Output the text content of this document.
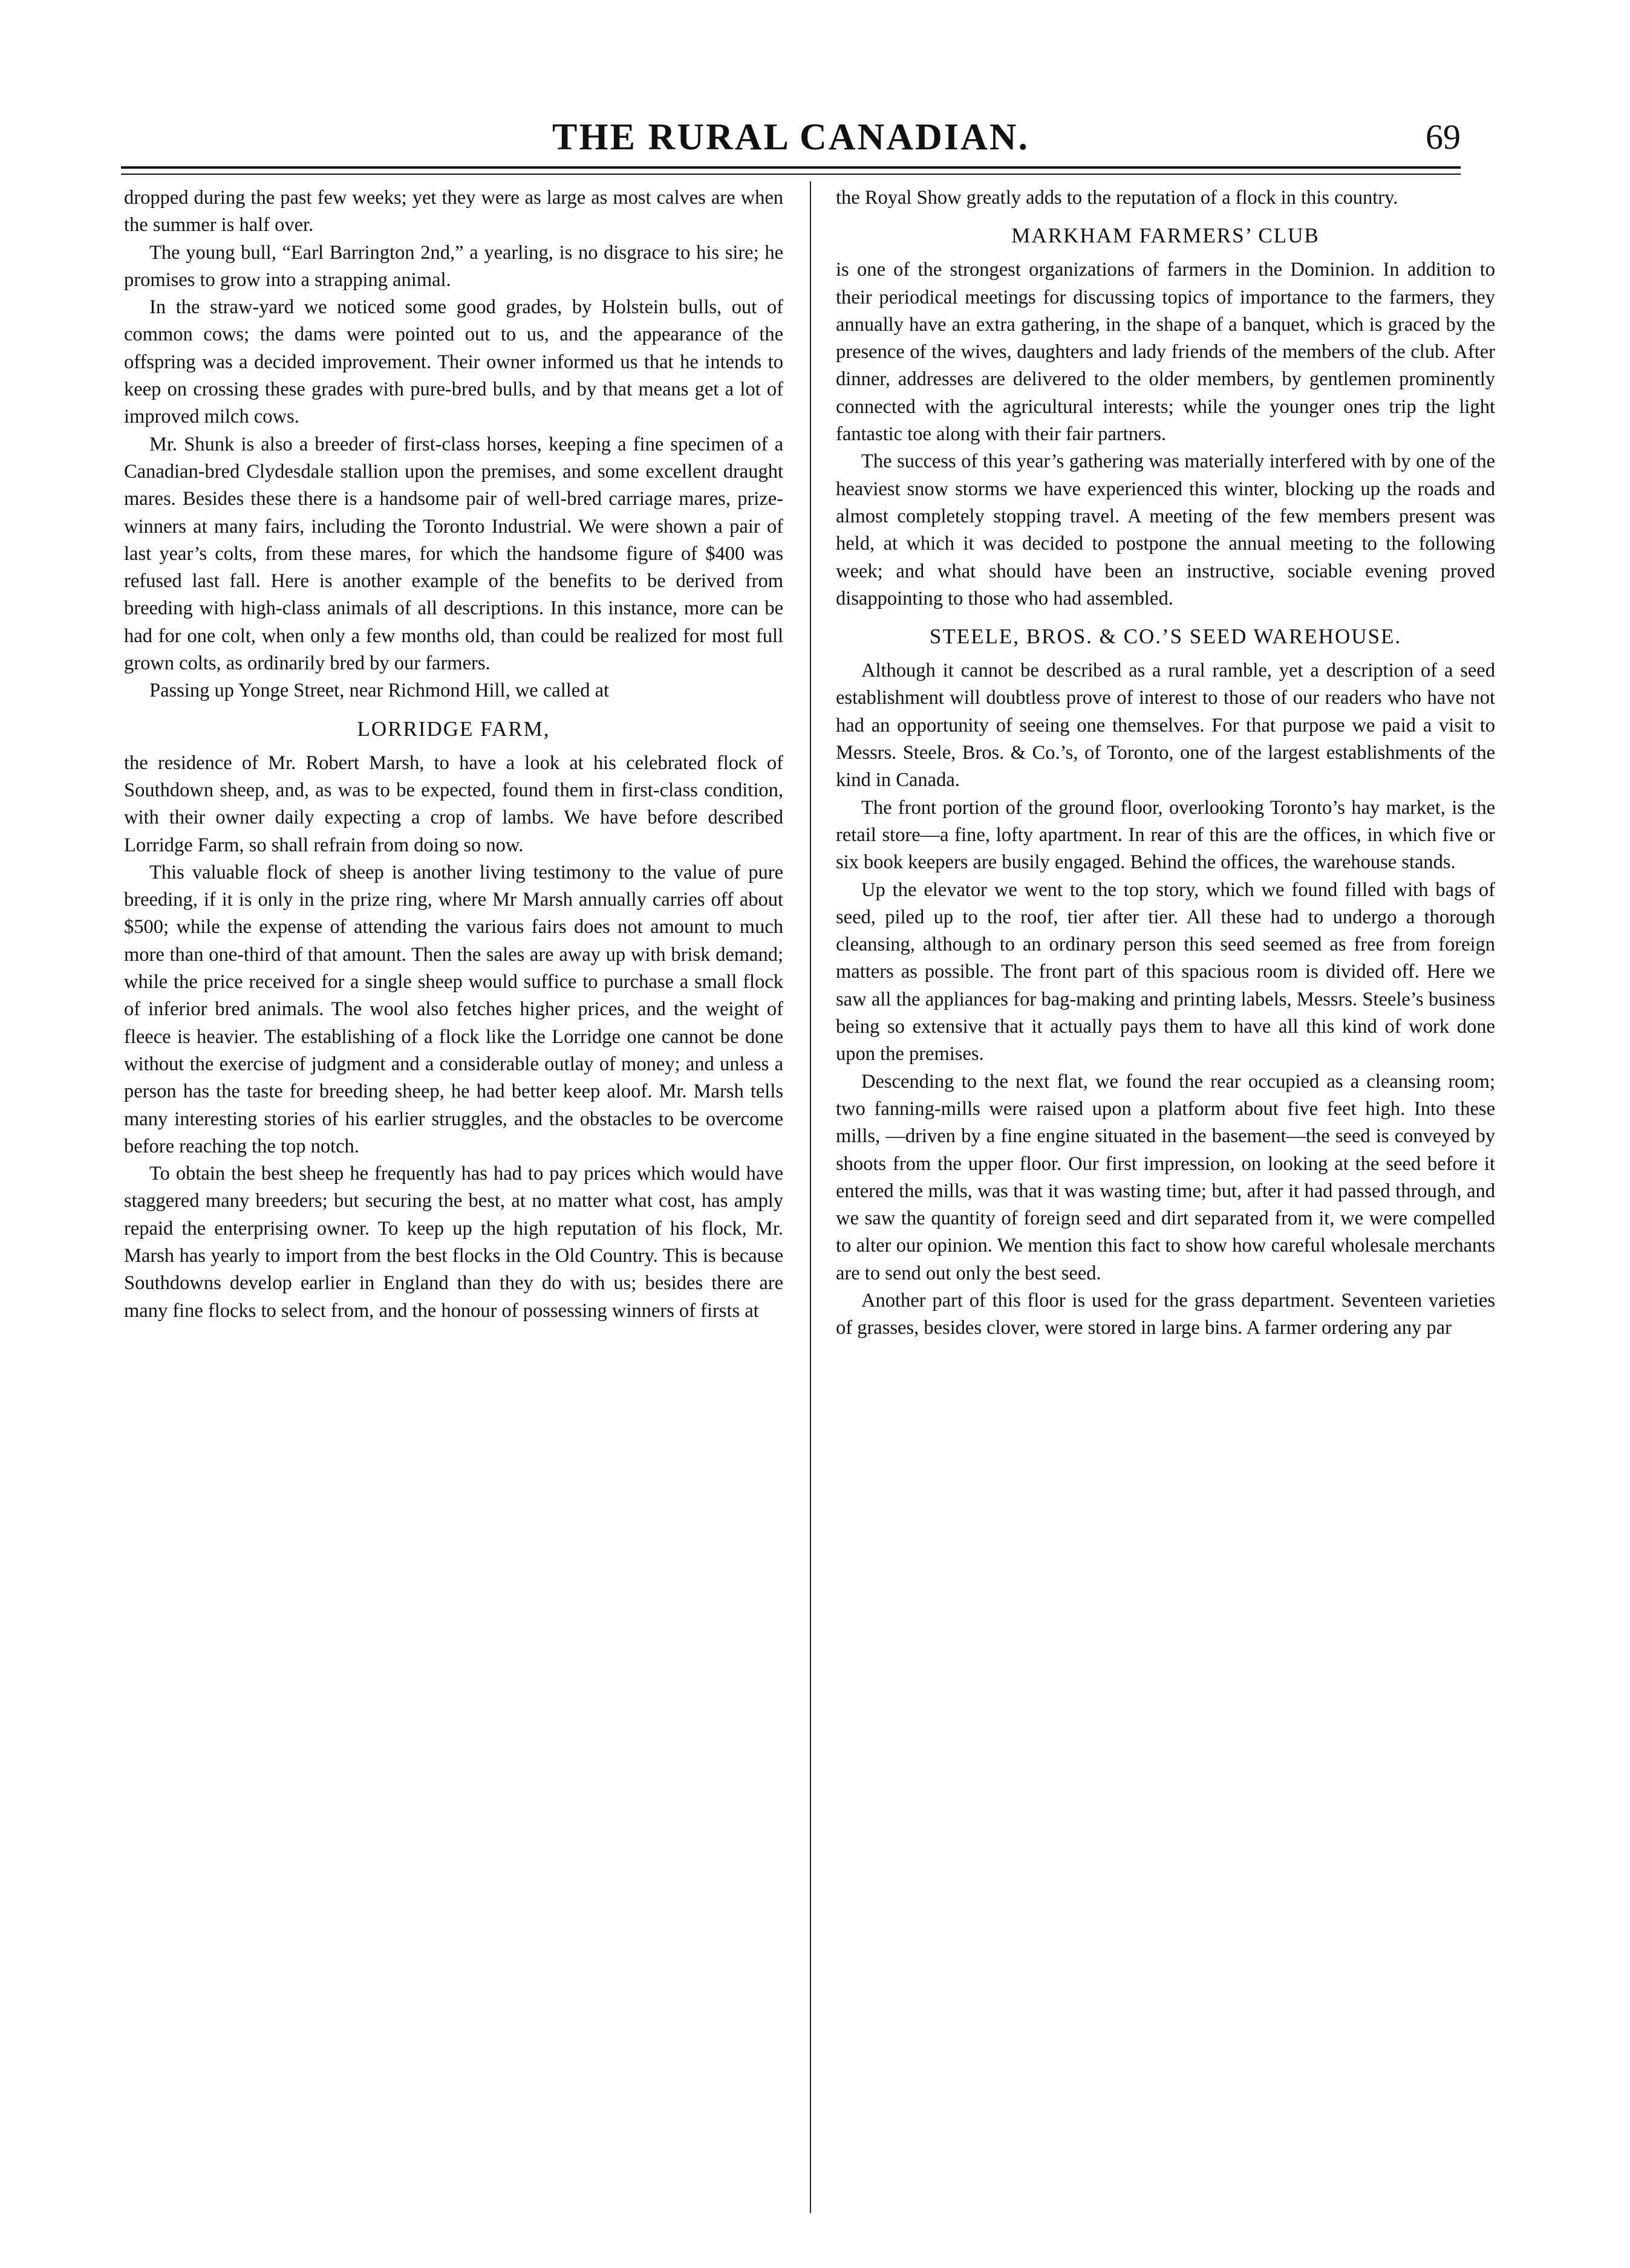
THE RURAL CANADIAN.	69

dropped during the past few weeks; yet they were as large as most calves are when the summer is half over.

The young bull, “Earl Barrington 2nd,” a yearling, is no disgrace to his sire; he promises to grow into a strapping animal.

In the straw-yard we noticed some good grades, by Holstein bulls, out of common cows; the dams were pointed out to us, and the appearance of the offspring was a decided improvement. Their owner informed us that he intends to keep on crossing these grades with pure-bred bulls, and by that means get a lot of improved milch cows.

Mr. Shunk is also a breeder of first-class horses, keeping a fine specimen of a Canadian-bred Clydesdale stallion upon the premises, and some excellent draught mares. Besides these there is a handsome pair of well-bred carriage mares, prize-winners at many fairs, including the Toronto Industrial. We were shown a pair of last year’s colts, from these mares, for which the handsome figure of $400 was refused last fall. Here is another example of the benefits to be derived from breeding with high-class animals of all descriptions. In this instance, more can be had for one colt, when only a few months old, than could be realized for most full grown colts, as ordinarily bred by our farmers.

Passing up Yonge Street, near Richmond Hill, we called at

LORRIDGE FARM,

the residence of Mr. Robert Marsh, to have a look at his celebrated flock of Southdown sheep, and, as was to be expected, found them in first-class condition, with their owner daily expecting a crop of lambs. We have before described Lorridge Farm, so shall refrain from doing so now.

This valuable flock of sheep is another living testimony to the value of pure breeding, if it is only in the prize ring, where Mr Marsh annually carries off about $500; while the expense of attending the various fairs does not amount to much more than one-third of that amount. Then the sales are away up with brisk demand; while the price received for a single sheep would suffice to purchase a small flock of inferior bred animals. The wool also fetches higher prices, and the weight of fleece is heavier. The establishing of a flock like the Lorridge one cannot be done without the exercise of judgment and a considerable outlay of money; and unless a person has the taste for breeding sheep, he had better keep aloof. Mr. Marsh tells many interesting stories of his earlier struggles, and the obstacles to be overcome before reaching the top notch.

To obtain the best sheep he frequently has had to pay prices which would have staggered many breeders; but securing the best, at no matter what cost, has amply repaid the enterprising owner. To keep up the high reputation of his flock, Mr. Marsh has yearly to import from the best flocks in the Old Country. This is because Southdowns develop earlier in England than they do with us; besides there are many fine flocks to select from, and the honour of possessing winners of firsts at

the Royal Show greatly adds to the reputation of a flock in this country.

MARKHAM FARMERS’ CLUB

is one of the strongest organizations of farmers in the Dominion. In addition to their periodical meetings for discussing topics of importance to the farmers, they annually have an extra gathering, in the shape of a banquet, which is graced by the presence of the wives, daughters and lady friends of the members of the club. After dinner, addresses are delivered to the older members, by gentlemen prominently connected with the agricultural interests; while the younger ones trip the light fantastic toe along with their fair partners.

The success of this year’s gathering was materially interfered with by one of the heaviest snow storms we have experienced this winter, blocking up the roads and almost completely stopping travel. A meeting of the few members present was held, at which it was decided to postpone the annual meeting to the following week; and what should have been an instructive, sociable evening proved disappointing to those who had assembled.

STEELE, BROS. & CO.’S SEED WAREHOUSE.

Although it cannot be described as a rural ramble, yet a description of a seed establishment will doubtless prove of interest to those of our readers who have not had an opportunity of seeing one themselves. For that purpose we paid a visit to Messrs. Steele, Bros. & Co.’s, of Toronto, one of the largest establishments of the kind in Canada.

The front portion of the ground floor, overlooking Toronto’s hay market, is the retail store—a fine, lofty apartment. In rear of this are the offices, in which five or six book keepers are busily engaged. Behind the offices, the warehouse stands.

Up the elevator we went to the top story, which we found filled with bags of seed, piled up to the roof, tier after tier. All these had to undergo a thorough cleansing, although to an ordinary person this seed seemed as free from foreign matters as possible. The front part of this spacious room is divided off. Here we saw all the appliances for bag-making and printing labels, Messrs. Steele’s business being so extensive that it actually pays them to have all this kind of work done upon the premises.

Descending to the next flat, we found the rear occupied as a cleansing room; two fanning-mills were raised upon a platform about five feet high. Into these mills, —driven by a fine engine situated in the basement—the seed is conveyed by shoots from the upper floor. Our first impression, on looking at the seed before it entered the mills, was that it was wasting time; but, after it had passed through, and we saw the quantity of foreign seed and dirt separated from it, we were compelled to alter our opinion. We mention this fact to show how careful wholesale merchants are to send out only the best seed.

Another part of this floor is used for the grass department. Seventeen varieties of grasses, besides clover, were stored in large bins. A farmer ordering any par
